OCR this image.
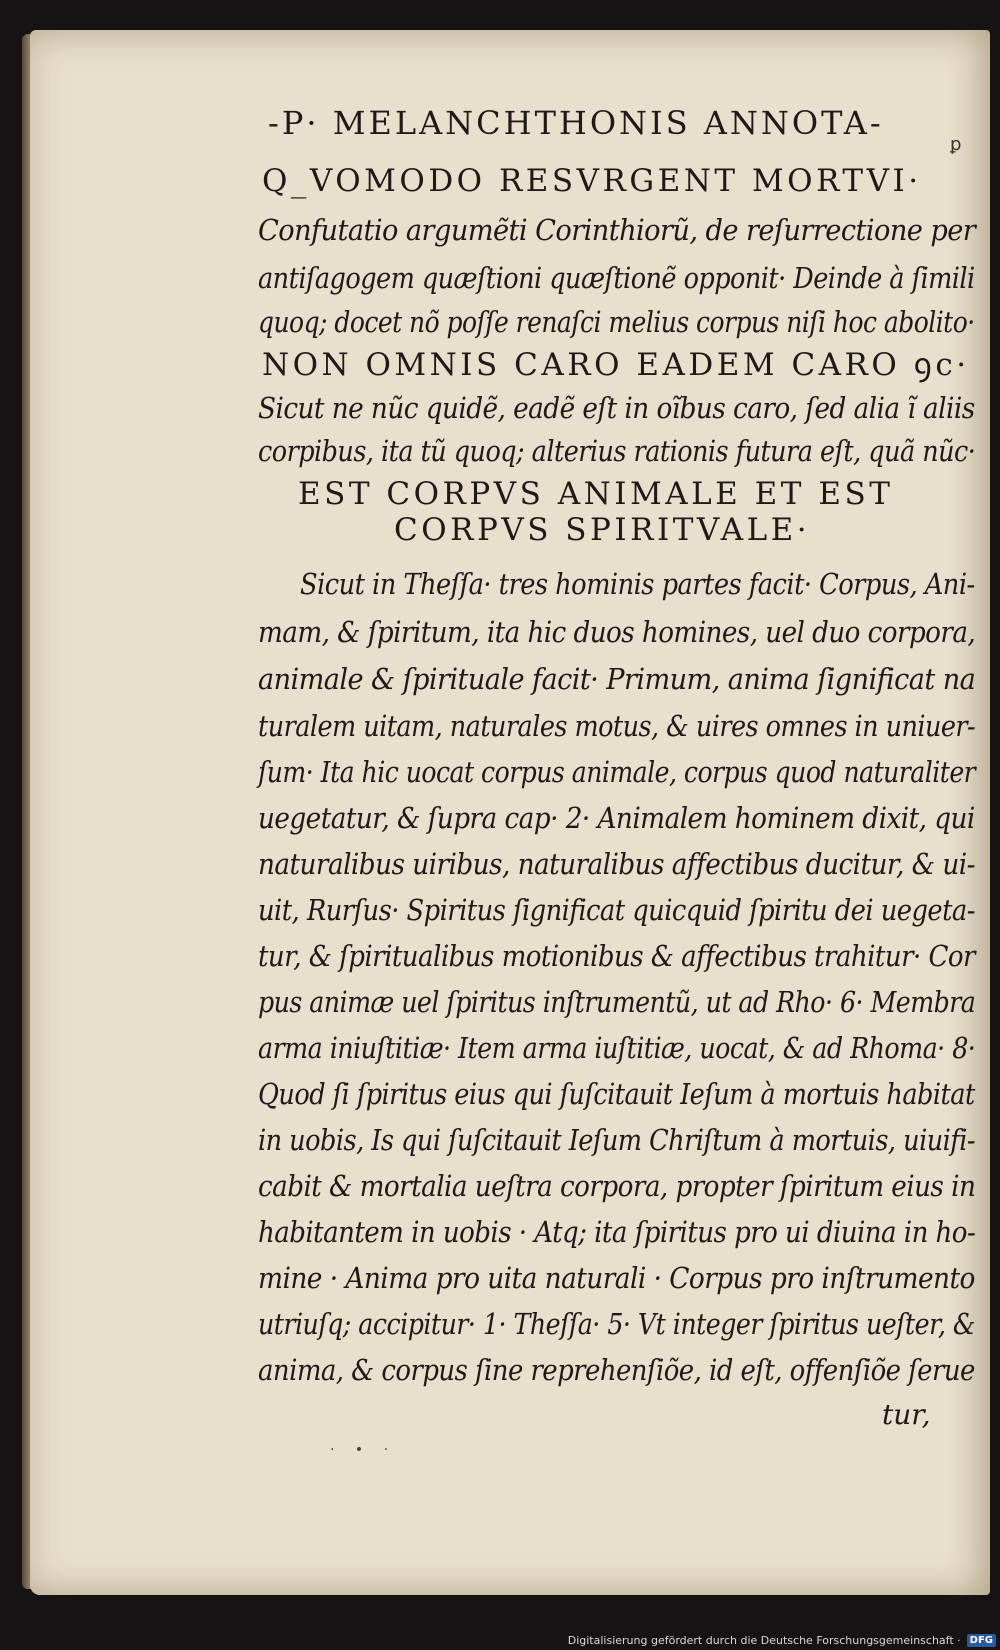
-P· MELANCHTHONIS ANNOTA-
ꝑ
Q_VOMODO RESVRGENT MORTVI·
Confutatio argumẽti Corinthiorũ, de reſurrectione per
antiſagogem quæſtioni quæſtionẽ opponit· Deinde à ſimili
quoq; docet nõ poſſe renaſci melius corpus niſi hoc abolito·
NON OMNIS CARO EADEM CARO ꝯc·
Sicut ne nũc quidẽ, eadẽ eſt in oĩbus caro, ſed alia ĩ aliis
corpibus, ita tũ quoq; alterius rationis futura eſt, quã nũc·
EST CORPVS ANIMALE ET EST
CORPVS SPIRITVALE·
Sicut in Theſſa· tres hominis partes facit· Corpus, Ani-
mam, & ſpiritum, ita hic duos homines, uel duo corpora,
animale & ſpirituale facit· Primum, anima ſignificat na
turalem uitam, naturales motus, & uires omnes in uniuer-
ſum· Ita hic uocat corpus animale, corpus quod naturaliter
uegetatur, & ſupra cap· 2· Animalem hominem dixit, qui
naturalibus uiribus, naturalibus affectibus ducitur, & ui-
uit, Rurſus· Spiritus ſignificat quicquid ſpiritu dei uegeta-
tur, & ſpiritualibus motionibus & affectibus trahitur· Cor
pus animæ uel ſpiritus inſtrumentũ, ut ad Rho· 6· Membra
arma iniuſtitiæ· Item arma iuſtitiæ, uocat, & ad Rhoma· 8·
Quod ſi ſpiritus eius qui ſuſcitauit Ieſum à mortuis habitat
in uobis, Is qui ſuſcitauit Ieſum Chriſtum à mortuis, uiuifi-
cabit & mortalia ueſtra corpora, propter ſpiritum eius in
habitantem in uobis · Atq; ita ſpiritus pro ui diuina in ho-
mine · Anima pro uita naturali · Corpus pro inſtrumento
utriuſq; accipitur· 1· Theſſa· 5· Vt integer ſpiritus ueſter, &
anima, & corpus ſine reprehenſiõe, id eſt, offenſiõe ſerue
tur,
· • ·
Digitalisierung gefördert durch die Deutsche Forschungsgemeinschaft · DFG
